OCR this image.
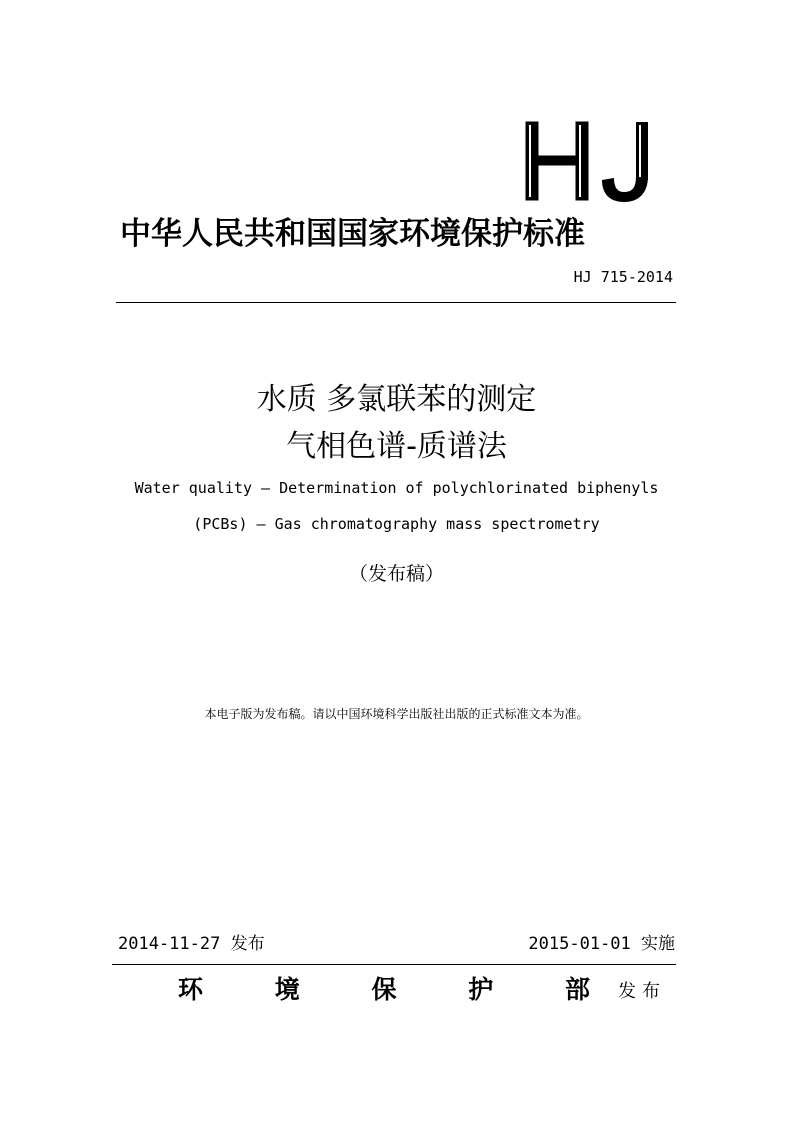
中华人民共和国国家环境保护标准
HJ 715-2014
水质 多氯联苯的测定
气相色谱-质谱法
Water quality — Determination of polychlorinated biphenyls
(PCBs) — Gas chromatography mass spectrometry
（发布稿）
本电子版为发布稿。请以中国环境科学出版社出版的正式标准文本为准。
2014-11-27 发布	2015-01-01 实施
环	境	保	护	部 发布
